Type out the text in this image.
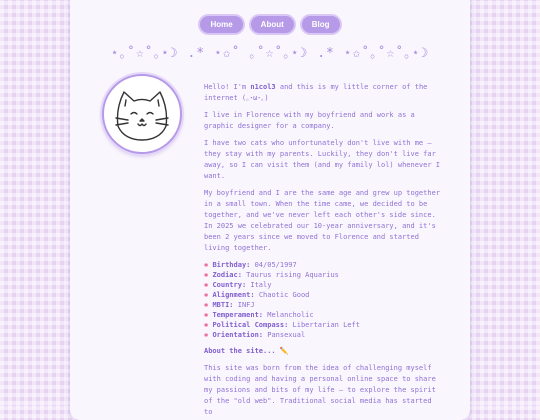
Home	About	Blog
⋆｡˚☆˚｡⋆☽ .* ⋆✩˚ ｡˚☆˚｡⋆☽ .* ⋆✩˚｡˚☆˚｡⋆☽

Hello! I'm n1col3 and this is my little corner of the internet (｡･ω･｡)

I live in Florence with my boyfriend and work as a graphic designer for a company.

I have two cats who unfortunately don't live with me — they stay with my parents. Luckily, they don't live far away, so I can visit them (and my family lol) whenever I want.

My boyfriend and I are the same age and grew up together in a small town. When the time came, we decided to be together, and we've never left each other's side since. In 2025 we celebrated our 10-year anniversary, and it's been 2 years since we moved to Florence and started living together.

✱ Birthday: 04/05/1997
✱ Zodiac: Taurus rising Aquarius
✱ Country: Italy
✱ Alignment: Chaotic Good
✱ MBTI: INFJ
✱ Temperament: Melancholic
✱ Political Compass: Libertarian Left
✱ Orientation: Pansexual
About the site... ✏️

This site was born from the idea of challenging myself with coding and having a personal online space to share my passions and bits of my life — to explore the spirit of the "old web". Traditional social media has started to
